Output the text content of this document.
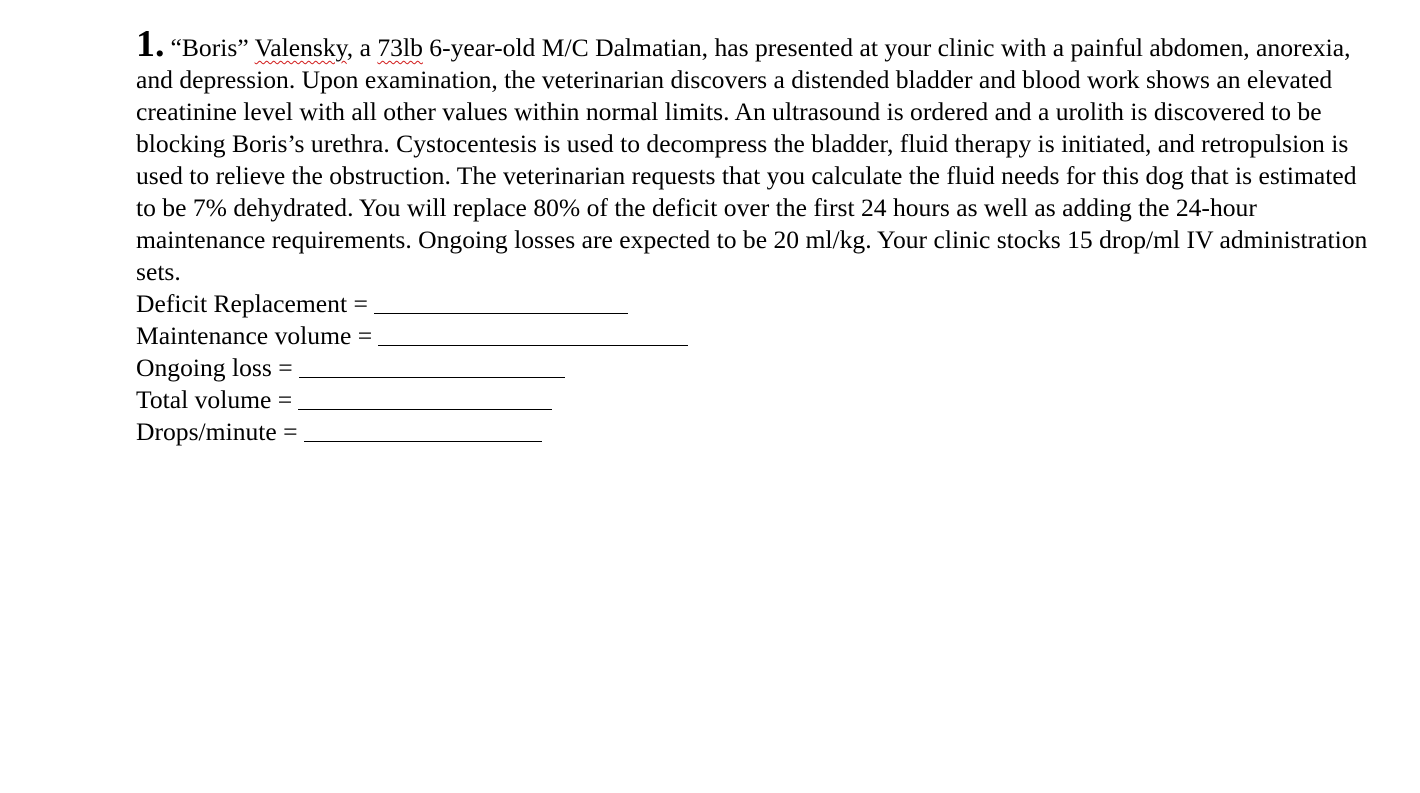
1. “Boris” Valensky, a 73lb 6-year-old M/C Dalmatian, has presented at your clinic with a painful abdomen, anorexia, and depression. Upon examination, the veterinarian discovers a distended bladder and blood work shows an elevated creatinine level with all other values within normal limits. An ultrasound is ordered and a urolith is discovered to be blocking Boris’s urethra. Cystocentesis is used to decompress the bladder, fluid therapy is initiated, and retropulsion is used to relieve the obstruction. The veterinarian requests that you calculate the fluid needs for this dog that is estimated to be 7% dehydrated. You will replace 80% of the deficit over the first 24 hours as well as adding the 24-hour maintenance requirements. Ongoing losses are expected to be 20 ml/kg. Your clinic stocks 15 drop/ml IV administration sets.

Deficit Replacement =
Maintenance volume =
Ongoing loss =
Total volume =
Drops/minute =
